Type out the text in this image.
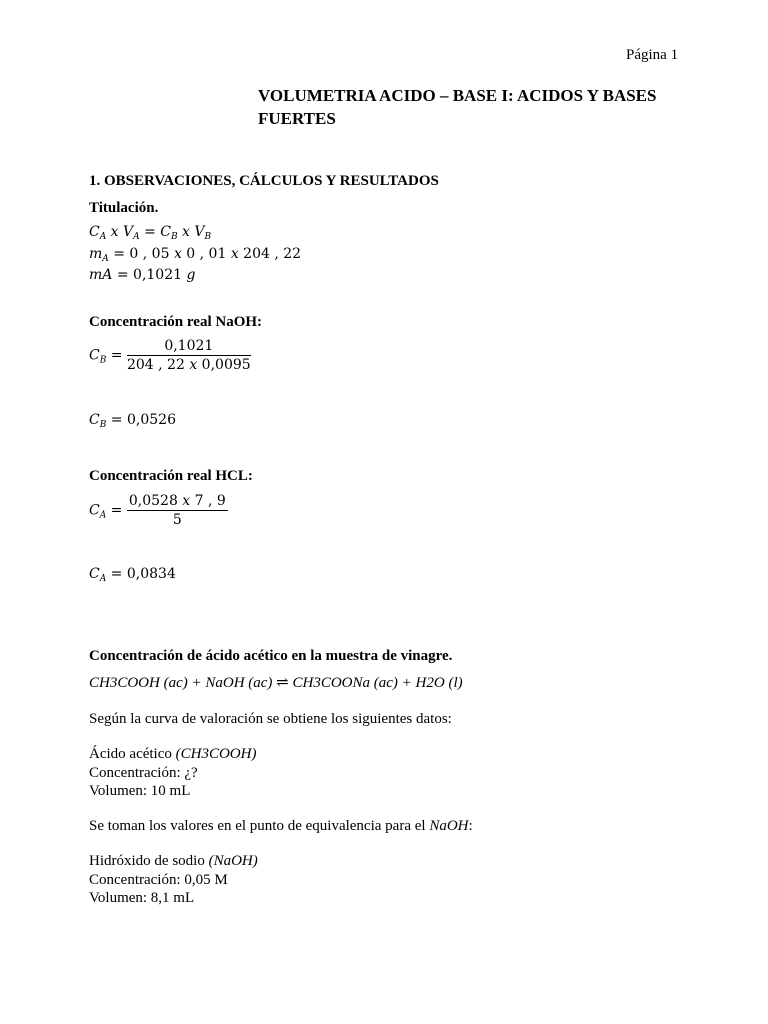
Página 1
VOLUMETRIA ACIDO – BASE I: ACIDOS Y BASES FUERTES
1. OBSERVACIONES, CÁLCULOS Y RESULTADOS
Titulación.
$C_A$ x $V_A = C_B$ x $V_B$
$m_A = 0$ , 05 x 0 , 01 x 204 , 22
mA = 0,1021 g
Concentración real NaOH:
$C_B = \frac{0,1021}{204 , 22 x 0,0095}$
$C_B = 0,0526$
Concentración real HCL:
$C_A = \frac{0,0528 x 7 , 9}{5}$
$C_A = 0,0834$
Concentración de ácido acético en la muestra de vinagre.
CH3COOH (ac) + NaOH (ac) ⇌ CH3COONa (ac) + H2O (l)
Según la curva de valoración se obtiene los siguientes datos:
Ácido acético (CH3COOH)
Concentración: ¿?
Volumen: 10 mL
Se toman los valores en el punto de equivalencia para el NaOH:
Hidróxido de sodio (NaOH)
Concentración: 0,05 M
Volumen: 8,1 mL
